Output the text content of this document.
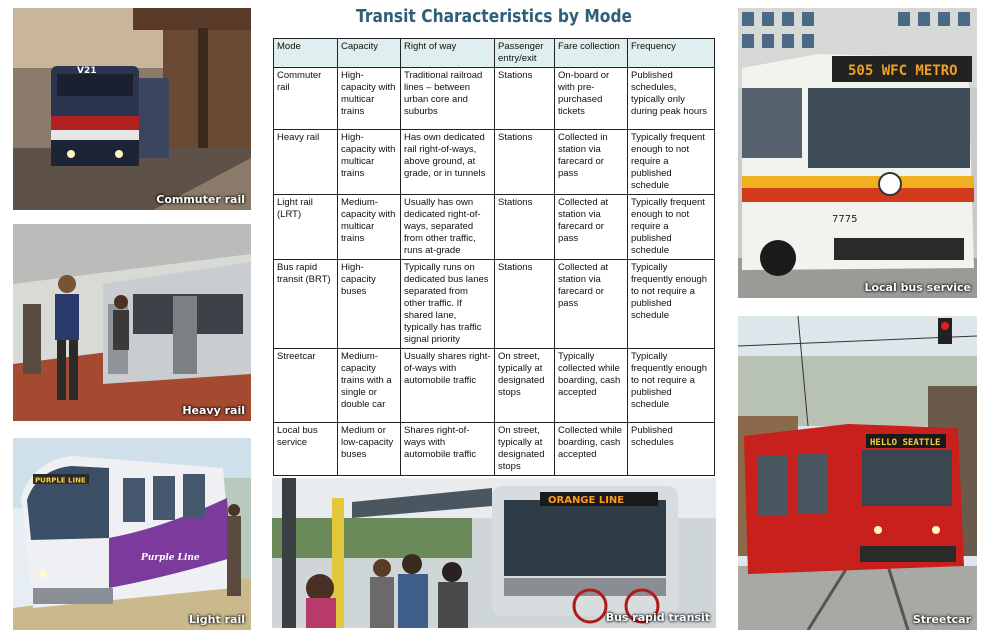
Transit Characteristics by Mode
Mode	Capacity	Right of way	Passenger entry/exit	Fare collection	Frequency
Commuter rail	High-capacity with multicar trains	Traditional railroad lines – between urban core and suburbs	Stations	On-board or with pre-purchased tickets	Published schedules, typically only during peak hours
Heavy rail	High-capacity with multicar trains	Has own dedicated rail right-of-ways, above ground, at grade, or in tunnels	Stations	Collected in station via farecard or pass	Typically frequent enough to not require a published schedule
Light rail (LRT)	Medium-capacity with multicar trains	Usually has own dedicated right-of-ways, separated from other traffic, runs at-grade	Stations	Collected at station via farecard or pass	Typically frequent enough to not require a published schedule
Bus rapid transit (BRT)	High-capacity buses	Typically runs on dedicated bus lanes separated from other traffic. If shared lane, typically has traffic signal priority	Stations	Collected at station via farecard or pass	Typically frequently enough to not require a published schedule
Streetcar	Medium-capacity trains with a single or double car	Usually shares right-of-ways with automobile traffic	On street, typically at designated stops	Typically collected while boarding, cash accepted	Typically frequently enough to not require a published schedule
Local bus service	Medium or low-capacity buses	Shares right-of-ways with automobile traffic	On street, typically at designated stops	Collected while boarding, cash accepted	Published schedules
V21
Commuter rail
Heavy rail
PURPLE LINE
Purple Line
Light rail
ORANGE LINE
Bus rapid transit
505 WFC METRO
7775
Local bus service
HELLO SEATTLE
Streetcar
